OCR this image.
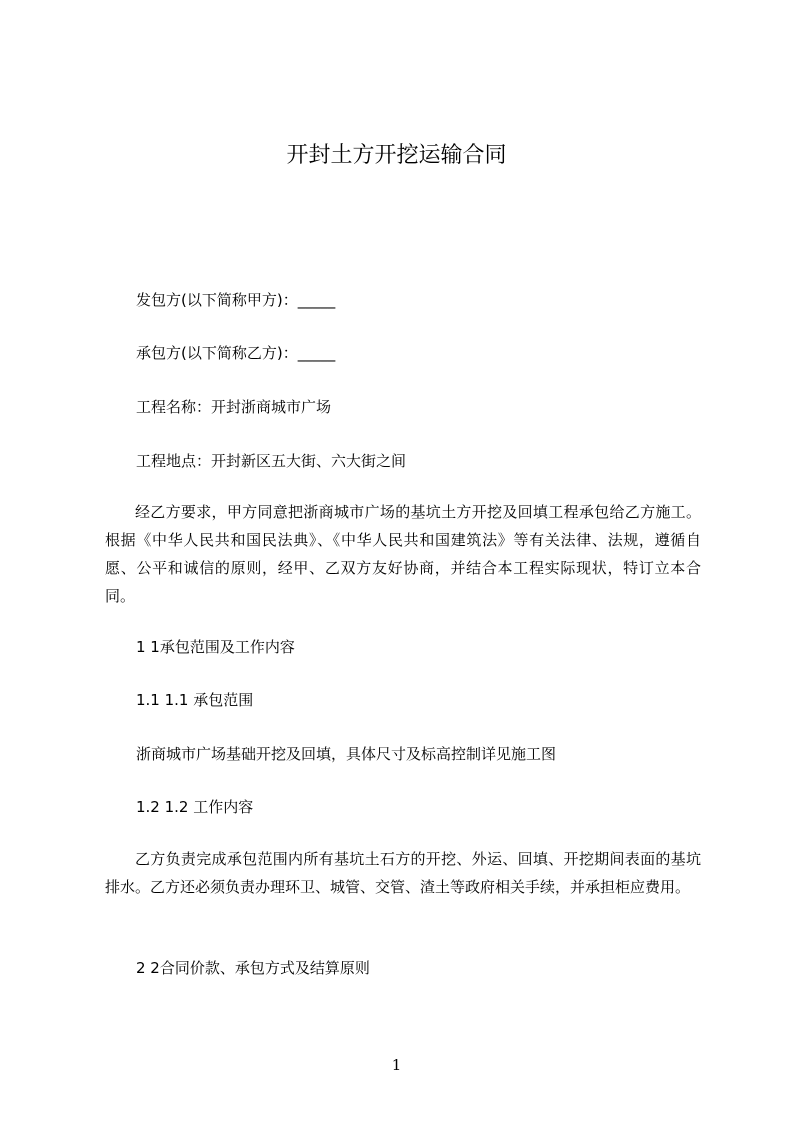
开封土方开挖运输合同

发包方(以下简称甲方)：_____

承包方(以下简称乙方)：_____

工程名称：开封浙商城市广场

工程地点：开封新区五大街、六大街之间

经乙方要求，甲方同意把浙商城市广场的基坑土方开挖及回填工程承包给乙方施工。根据《中华人民共和国民法典》、《中华人民共和国建筑法》等有关法律、法规，遵循自愿、公平和诚信的原则，经甲、乙双方友好协商，并结合本工程实际现状，特订立本合同。

1 1承包范围及工作内容

1.1 1.1 承包范围

浙商城市广场基础开挖及回填，具体尺寸及标高控制详见施工图

1.2 1.2 工作内容

乙方负责完成承包范围内所有基坑土石方的开挖、外运、回填、开挖期间表面的基坑排水。乙方还必须负责办理环卫、城管、交管、渣土等政府相关手续，并承担柜应费用。

2 2合同价款、承包方式及结算原则

1
